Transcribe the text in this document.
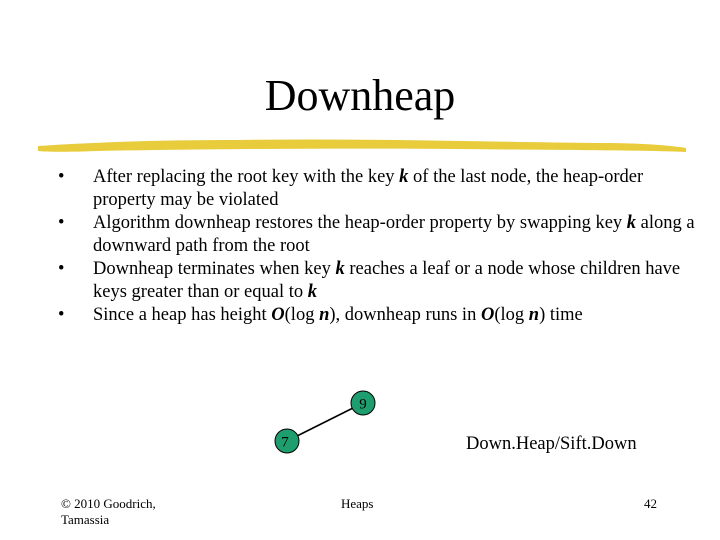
Downheap
• After replacing the root key with the key k of the last node, the heap-order property may be violated
• Algorithm downheap restores the heap-order property by swapping key k along a downward path from the root
• Downheap terminates when key k reaches a leaf or a node whose children have keys greater than or equal to k
• Since a heap has height O(log n), downheap runs in O(log n) time
9
7	Down.Heap/Sift.Down
© 2010 Goodrich, Tamassia
Heaps	42
